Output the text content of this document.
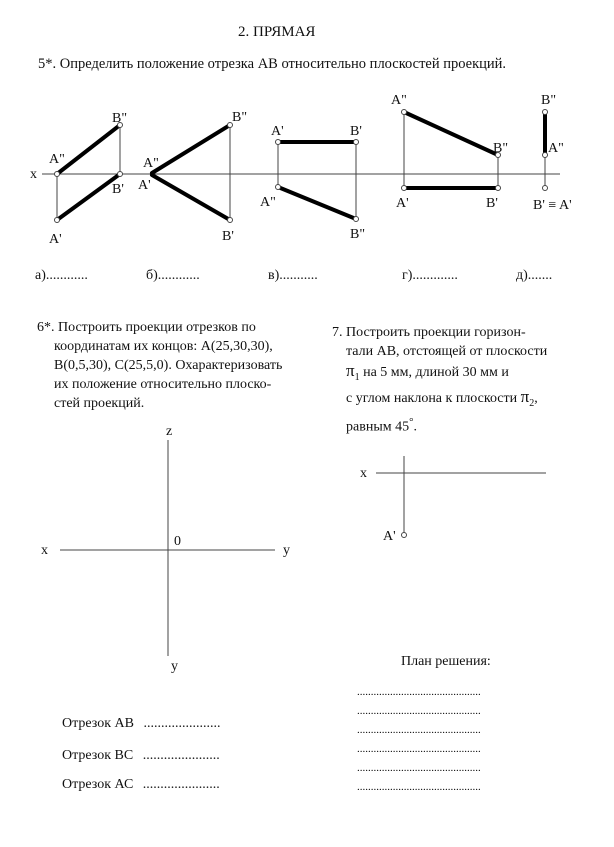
2. ПРЯМАЯ
5*. Определить положение отрезка АВ относительно плоскостей проекций.
x
B"
A"
B'
A'
A"
A'
B"
B'
A'	B'
A"
B"
A"
B"
A'	B'
B"
A"
B' ≡ A'
а)............	б)............	в)...........	г).............	д).......
z
x	y
y
0
x
A'
6*. Построить проекции отрезков по
координатам их концов: A(25,30,30),
B(0,5,30), C(25,5,0). Охарактеризовать
их положение относительно плоско-
стей проекций.
7. Построить проекции горизон-
тали АВ, отстоящей от плоскости
$\pi_1$ на 5 мм, длиной 30 мм и
с углом наклона к плоскости $\pi_2$,
равным 45°.
Отрезок АВ ......................
Отрезок ВС ......................
Отрезок АС ......................
План решения:
.............................................
.............................................
.............................................
.............................................
.............................................
.............................................
